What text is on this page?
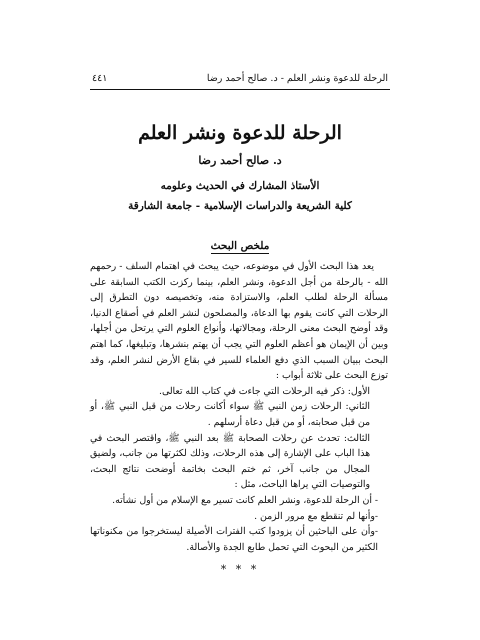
الرحلة للدعوة ونشر العلم - د. صالح أحمد رضا
٤٤١
الرحلة للدعوة ونشر العلم
د. صالح أحمد رضا
الأستاذ المشارك في الحديث وعلومه
كلية الشريعة والدراسات الإسلامية - جامعة الشارقة
ملخص البحث

يعد هذا البحث الأول في موضوعه، حيث يبحث في اهتمام السلف - رحمهم الله - بالرحلة من أجل الدعوة، ونشر العلم، بينما ركزت الكتب السابقة على مسألة الرحلة لطلب العلم، والاستزادة منه، وتخصيصه دون التطرق إلى الرحلات التي كانت يقوم بها الدعاة، والمصلحون لنشر العلم في أصقاع الدنيا، وقد أوضح البحث معنى الرحلة، ومجالاتها، وأنواع العلوم التي يرتحل من أجلها، وبين أن الإيمان هو أعظم العلوم التي يجب أن يهتم بنشرها، وتبليغها، كما اهتم البحث ببيان السبب الذي دفع العلماء للسير في بقاع الأرض لنشر العلم، وقد توزع البحث على ثلاثة أبواب :

الأول: ذكر فيه الرحلات التي جاءت في كتاب الله تعالى.

الثاني: الرحلات زمن النبي ﷺ سواء أكانت رحلات من قبل النبي ﷺ، أو من قبل صحابته، أو من قبل دعاة أرسلهم .

الثالث: تحدث عن رحلات الصحابة ﷺ بعد النبي ﷺ، واقتصر البحث في هذا الباب على الإشارة إلى هذه الرحلات، وذلك لكثرتها من جانب، ولضيق المجال من جانب آخر، ثم ختم البحث بخاتمة أوضحت نتائج البحث، والتوصيات التي يراها الباحث، مثل :

- أن الرحلة للدعوة، ونشر العلم كانت تسير مع الإسلام من أول نشأته.

-وأنها لم تنقطع مع مرور الزمن .

-وأن على الباحثين أن يزودوا كتب الفترات الأصيلة ليستخرجوا من مكنوناتها الكثير من البحوث التي تحمل طابع الجدة والأصالة.

* * *
